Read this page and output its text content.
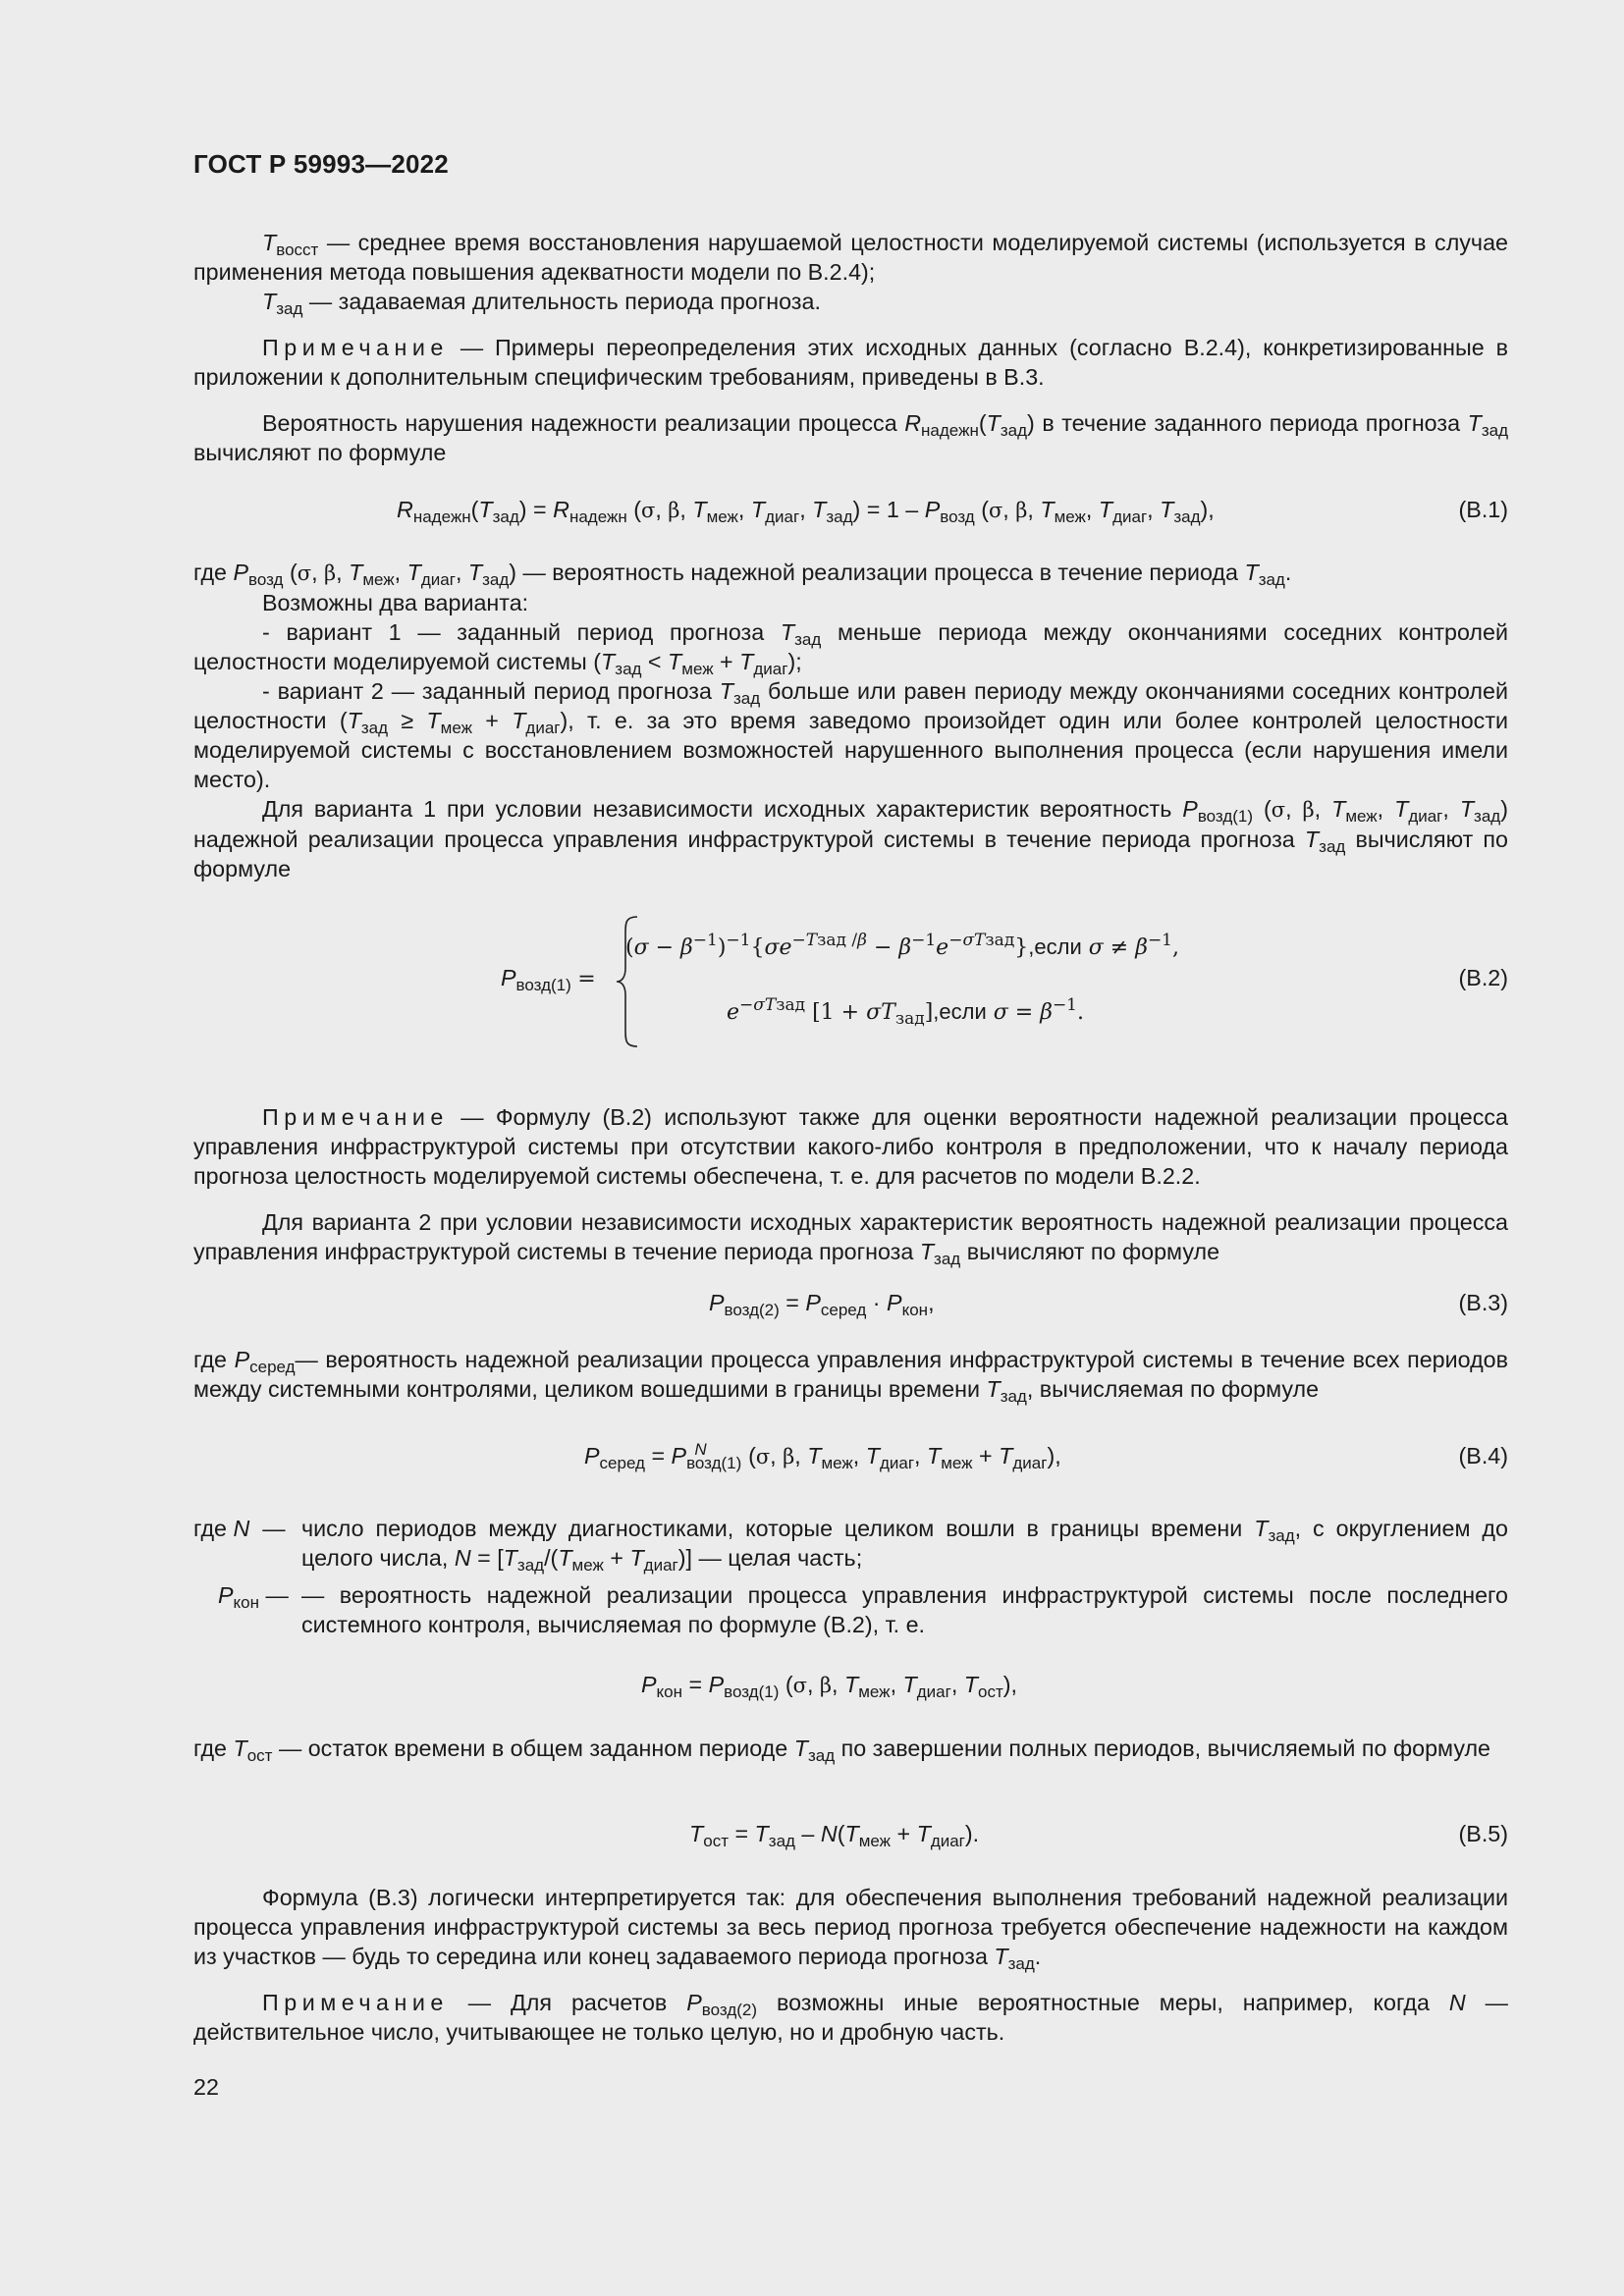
ГОСТ Р 59993—2022
$T_{восст}$ — среднее время восстановления нарушаемой целостности моделируемой системы (используется в случае применения метода повышения адекватности модели по В.2.4);
$T_{зад}$ — задаваемая длительность периода прогноза.
Примечание — Примеры переопределения этих исходных данных (согласно В.2.4), конкретизированные в приложении к дополнительным специфическим требованиям, приведены в В.3.
Вероятность нарушения надежности реализации процесса $R_{надежн}(T_{зад})$ в течение заданного периода прогноза $T_{зад}$ вычисляют по формуле
$R_{надежн}(T_{зад}) = R_{надежн}$ (σ, β, $T_{меж}$, $T_{диаг}$, $T_{зад}) = 1 - P_{возд}$ (σ, β, $T_{меж}$, $T_{диаг}$, $T_{зад}$),	(В.1)
где $P_{возд}$ (σ, β, $T_{меж}$, $T_{диаг}$, $T_{зад}$) — вероятность надежной реализации процесса в течение периода $T_{зад}$.
Возможны два варианта:
- вариант 1 — заданный период прогноза $T_{зад}$ меньше периода между окончаниями соседних контролей целостности моделируемой системы $(T_{зад} < T_{меж} + T_{диаг})$;
- вариант 2 — заданный период прогноза $T_{зад}$ больше или равен периоду между окончаниями соседних контролей целостности $(T_{зад} \ge T_{меж} + T_{диаг})$, т. е. за это время заведомо произойдет один или более контролей целостности моделируемой системы с восстановлением возможностей нарушенного выполнения процесса (если нарушения имели место).
Для варианта 1 при условии независимости исходных характеристик вероятность $P_{возд(1)}$ (σ, β, $T_{меж}$, $T_{диаг}$, $T_{зад}$) надежной реализации процесса управления инфраструктурой системы в течение периода прогноза $T_{зад}$ вычисляют по формуле
$P_{возд(1)}$ =
$(\sigma - \beta^{-1})^{-1}\{\sigma e^{-Tзад /\beta}$ − $\beta^{-1}e^{-\sigma Tзад}\},если$ $\sigma \ne \beta^{-1}$,
$e^{-\sigma Tзад}$ $[1 + \sigma T_{зад}],если$ $\sigma = \beta^{-1}$.
(В.2)
Примечание — Формулу (В.2) используют также для оценки вероятности надежной реализации процесса управления инфраструктурой системы при отсутствии какого-либо контроля в предположении, что к началу периода прогноза целостность моделируемой системы обеспечена, т. е. для расчетов по модели В.2.2.
Для варианта 2 при условии независимости исходных характеристик вероятность надежной реализации процесса управления инфраструктурой системы в течение периода прогноза $T_{зад}$ вычисляют по формуле
$P_{возд(2)} = P_{серед} \cdot P_{кон}$,	(В.3)
где $P_{серед}—$ вероятность надежной реализации процесса управления инфраструктурой системы в течение всех периодов между системными контролями, целиком вошедшими в границы времени $T_{зад}$, вычисляемая по формуле
$P_{серед} = P_{возд(1)}^N$ (σ, β, $T_{меж}$, $T_{диаг}$, $T_{меж} + T_{диаг}$),	(В.4)
где N  — число периодов между диагностиками, которые целиком вошли в границы времени $T_{зад}$, с округлением до целого числа, $N = [T_{зад}/(T_{меж} + T_{диаг})]$ — целая часть;
$P_{кон}$ — — вероятность надежной реализации процесса управления инфраструктурой системы после последнего системного контроля, вычисляемая по формуле (В.2), т. е.
$P_{кон} = P_{возд(1)}$ (σ, β, $T_{меж}$, $T_{диаг}$, $T_{ост}$),
где $T_{ост}$ — остаток времени в общем заданном периоде $T_{зад}$ по завершении полных периодов, вычисляемый по формуле
$T_{ост} = T_{зад} - N(T_{меж} + T_{диаг})$.	(В.5)
Формула (В.3) логически интерпретируется так: для обеспечения выполнения требований надежной реализации процесса управления инфраструктурой системы за весь период прогноза требуется обеспечение надежности на каждом из участков — будь то середина или конец задаваемого периода прогноза $T_{зад}$.
Примечание — Для расчетов $P_{возд(2)}$ возможны иные вероятностные меры, например, когда N — действительное число, учитывающее не только целую, но и дробную часть.
22
